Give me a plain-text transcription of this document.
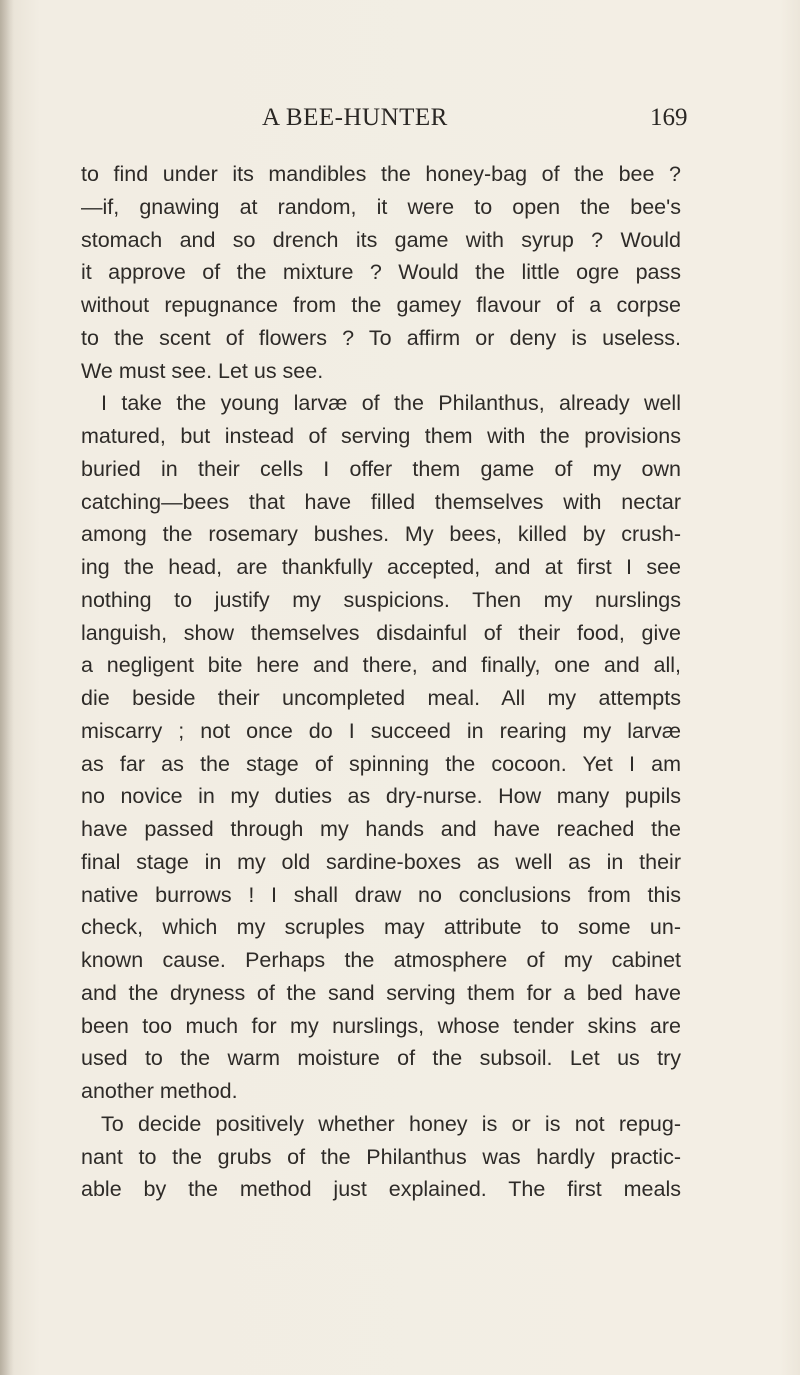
A BEE-HUNTER	169
to find under its mandibles the honey-bag of the bee ?
—if, gnawing at random, it were to open the bee's
stomach and so drench its game with syrup ? Would
it approve of the mixture ? Would the little ogre pass
without repugnance from the gamey flavour of a corpse
to the scent of flowers ? To affirm or deny is useless.
We must see. Let us see.
I take the young larvæ of the Philanthus, already well
matured, but instead of serving them with the provisions
buried in their cells I offer them game of my own
catching—bees that have filled themselves with nectar
among the rosemary bushes. My bees, killed by crush-
ing the head, are thankfully accepted, and at first I see
nothing to justify my suspicions. Then my nurslings
languish, show themselves disdainful of their food, give
a negligent bite here and there, and finally, one and all,
die beside their uncompleted meal. All my attempts
miscarry ; not once do I succeed in rearing my larvæ
as far as the stage of spinning the cocoon. Yet I am
no novice in my duties as dry-nurse. How many pupils
have passed through my hands and have reached the
final stage in my old sardine-boxes as well as in their
native burrows ! I shall draw no conclusions from this
check, which my scruples may attribute to some un-
known cause. Perhaps the atmosphere of my cabinet
and the dryness of the sand serving them for a bed have
been too much for my nurslings, whose tender skins are
used to the warm moisture of the subsoil. Let us try
another method.
To decide positively whether honey is or is not repug-
nant to the grubs of the Philanthus was hardly practic-
able by the method just explained. The first meals
